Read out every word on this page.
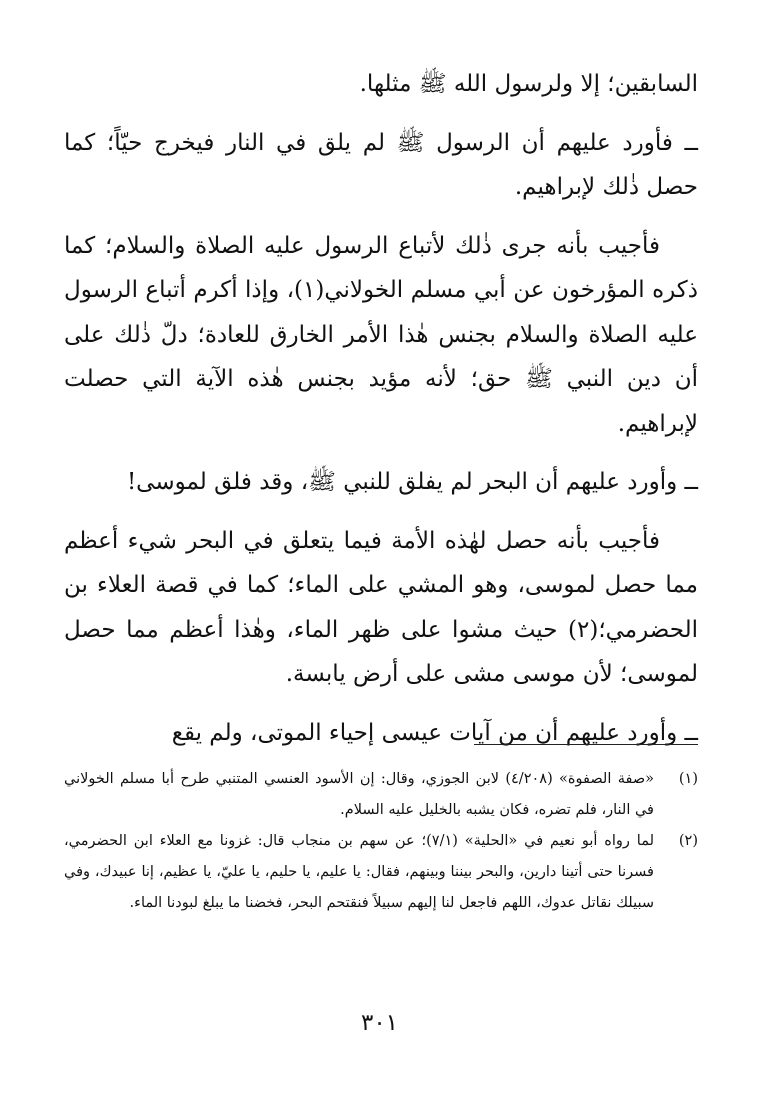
السابقين؛ إلا ولرسول الله ﷺ مثلها.

ــ فأورد عليهم أن الرسول ﷺ لم يلق في النار فيخرج حيّاً؛ كما حصل ذٰلك لإبراهيم.

فأجيب بأنه جرى ذٰلك لأتباع الرسول عليه الصلاة والسلام؛ كما ذكره المؤرخون عن أبي مسلم الخولاني(١)، وإذا أكرم أتباع الرسول عليه الصلاة والسلام بجنس هٰذا الأمر الخارق للعادة؛ دلّ ذٰلك على أن دين النبي ﷺ حق؛ لأنه مؤيد بجنس هٰذه الآية التي حصلت لإبراهيم.

ــ وأورد عليهم أن البحر لم يفلق للنبي ﷺ، وقد فلق لموسى!

فأجيب بأنه حصل لهٰذه الأمة فيما يتعلق في البحر شيء أعظم مما حصل لموسى، وهو المشي على الماء؛ كما في قصة العلاء بن الحضرمي؛(٢) حيث مشوا على ظهر الماء، وهٰذا أعظم مما حصل لموسى؛ لأن موسى مشى على أرض يابسة.

ــ وأورد عليهم أن من آيات عيسى إحياء الموتى، ولم يقع

(١)
«صفة الصفوة» (٤/٢٠٨) لابن الجوزي، وقال: إن الأسود العنسي المتنبي طرح أبا مسلم الخولاني في النار، فلم تضره، فكان يشبه بالخليل عليه السلام.

(٢)
لما رواه أبو نعيم في «الحلية» (٧/١)؛ عن سهم بن منجاب قال: غزونا مع العلاء ابن الحضرمي، فسرنا حتى أتينا دارين، والبحر بيننا وبينهم، فقال: يا عليم، يا حليم، يا عليّ، يا عظيم، إنا عبيدك، وفي سبيلك نقاتل عدوك، اللهم فاجعل لنا إليهم سبيلاً فنقتحم البحر، فخضنا ما يبلغ لبودنا الماء.

٣٠١
